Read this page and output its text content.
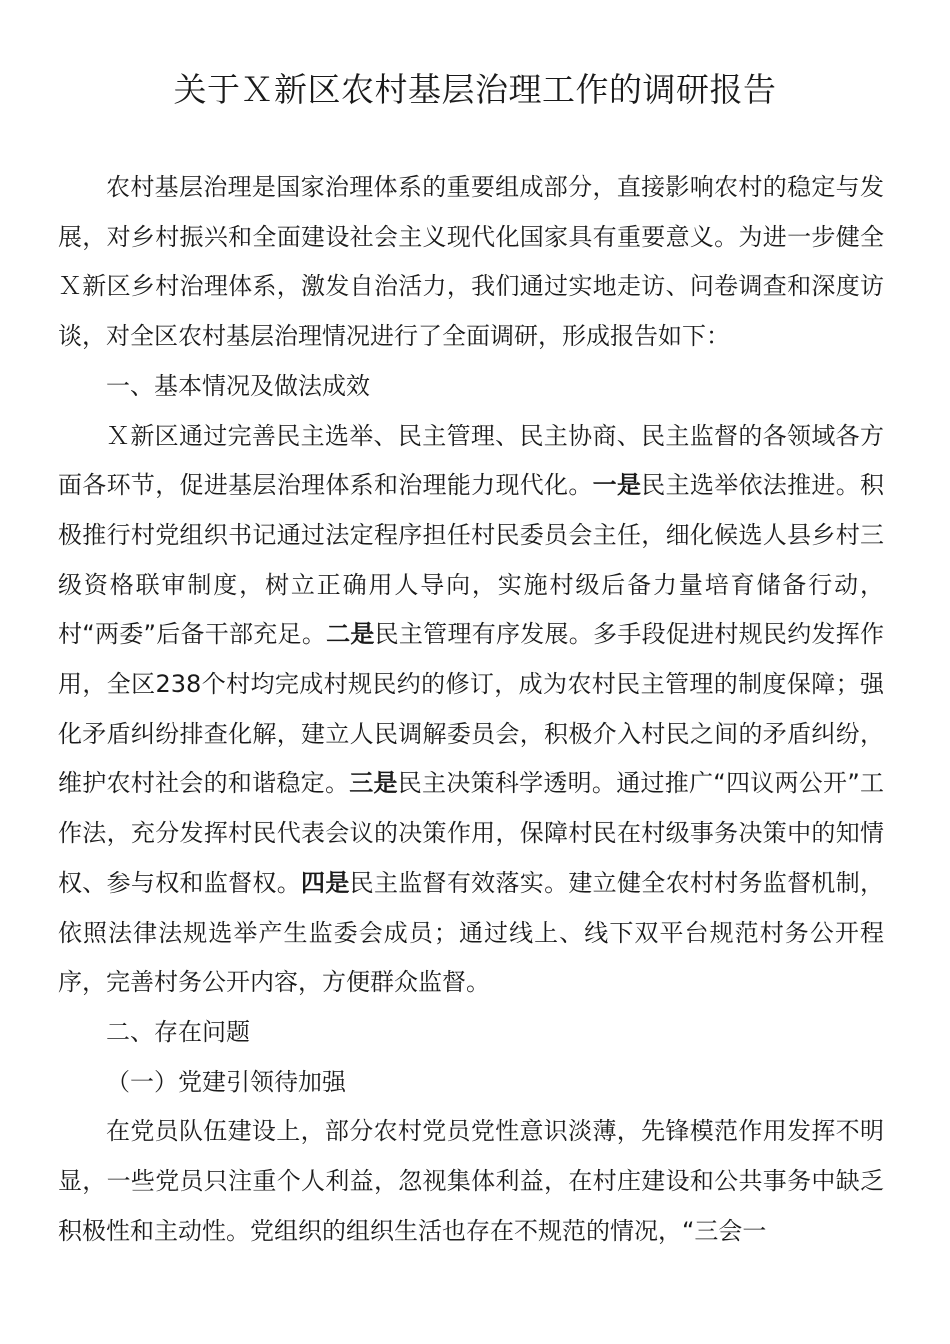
关于Ｘ新区农村基层治理工作的调研报告

农村基层治理是国家治理体系的重要组成部分，直接影响农村的稳定与发展，对乡村振兴和全面建设社会主义现代化国家具有重要意义。为进一步健全Ｘ新区乡村治理体系，激发自治活力，我们通过实地走访、问卷调查和深度访谈，对全区农村基层治理情况进行了全面调研，形成报告如下：

一、基本情况及做法成效

Ｘ新区通过完善民主选举、民主管理、民主协商、民主监督的各领域各方面各环节，促进基层治理体系和治理能力现代化。一是民主选举依法推进。积极推行村党组织书记通过法定程序担任村民委员会主任，细化候选人县乡村三级资格联审制度，树立正确用人导向，实施村级后备力量培育储备行动，村“两委”后备干部充足。二是民主管理有序发展。多手段促进村规民约发挥作用，全区238个村均完成村规民约的修订，成为农村民主管理的制度保障；强化矛盾纠纷排查化解，建立人民调解委员会，积极介入村民之间的矛盾纠纷，维护农村社会的和谐稳定。三是民主决策科学透明。通过推广“四议两公开”工作法，充分发挥村民代表会议的决策作用，保障村民在村级事务决策中的知情权、参与权和监督权。四是民主监督有效落实。建立健全农村村务监督机制，依照法律法规选举产生监委会成员；通过线上、线下双平台规范村务公开程序，完善村务公开内容，方便群众监督。

二、存在问题

（一）党建引领待加强

在党员队伍建设上，部分农村党员党性意识淡薄，先锋模范作用发挥不明显，一些党员只注重个人利益，忽视集体利益，在村庄建设和公共事务中缺乏积极性和主动性。党组织的组织生活也存在不规范的情况，“三会一
